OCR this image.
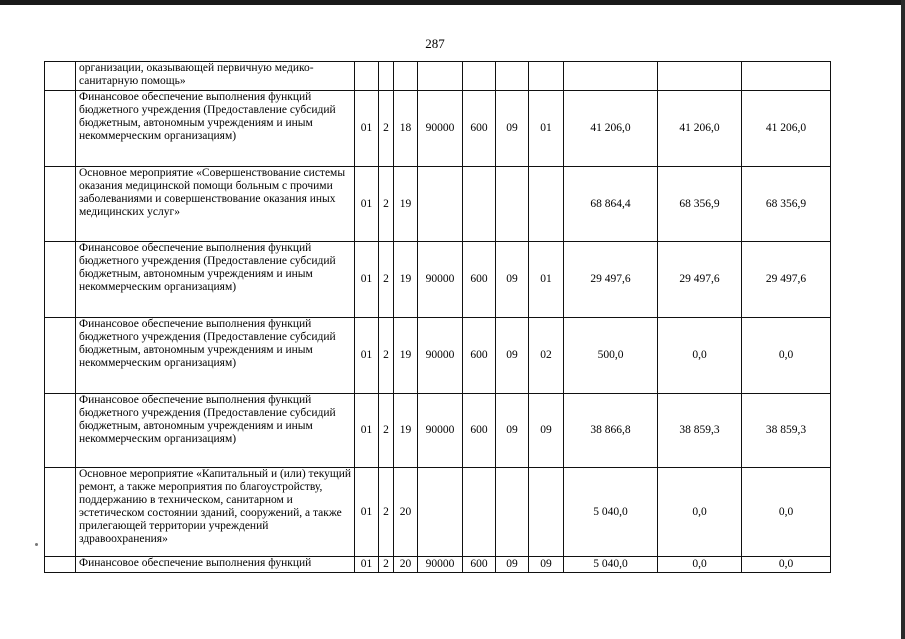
287
	организации, оказывающей первичную медико-санитарную помощь»										
	Финансовое обеспечение выполнения функций бюджетного учреждения (Предоставление субсидий бюджетным, автономным учреждениям и иным некоммерческим организациям)	01	2	18	90000	600	09	01	41 206,0	41 206,0	41 206,0
	Основное мероприятие «Совершенствование системы оказания медицинской помощи больным с прочими заболеваниями и совершенствование оказания иных медицинских услуг»	01	2	19					68 864,4	68 356,9	68 356,9
	Финансовое обеспечение выполнения функций бюджетного учреждения (Предоставление субсидий бюджетным, автономным учреждениям и иным некоммерческим организациям)	01	2	19	90000	600	09	01	29 497,6	29 497,6	29 497,6
	Финансовое обеспечение выполнения функций бюджетного учреждения (Предоставление субсидий бюджетным, автономным учреждениям и иным некоммерческим организациям)	01	2	19	90000	600	09	02	500,0	0,0	0,0
	Финансовое обеспечение выполнения функций бюджетного учреждения (Предоставление субсидий бюджетным, автономным учреждениям и иным некоммерческим организациям)	01	2	19	90000	600	09	09	38 866,8	38 859,3	38 859,3
	Основное мероприятие «Капитальный и (или) текущий ремонт, а также мероприятия по благоустройству, поддержанию в техническом, санитарном и эстетическом состоянии зданий, сооружений, а также прилегающей территории учреждений здравоохранения»	01	2	20					5 040,0	0,0	0,0
	Финансовое обеспечение выполнения функций	01	2	20	90000	600	09	09	5 040,0	0,0	0,0
